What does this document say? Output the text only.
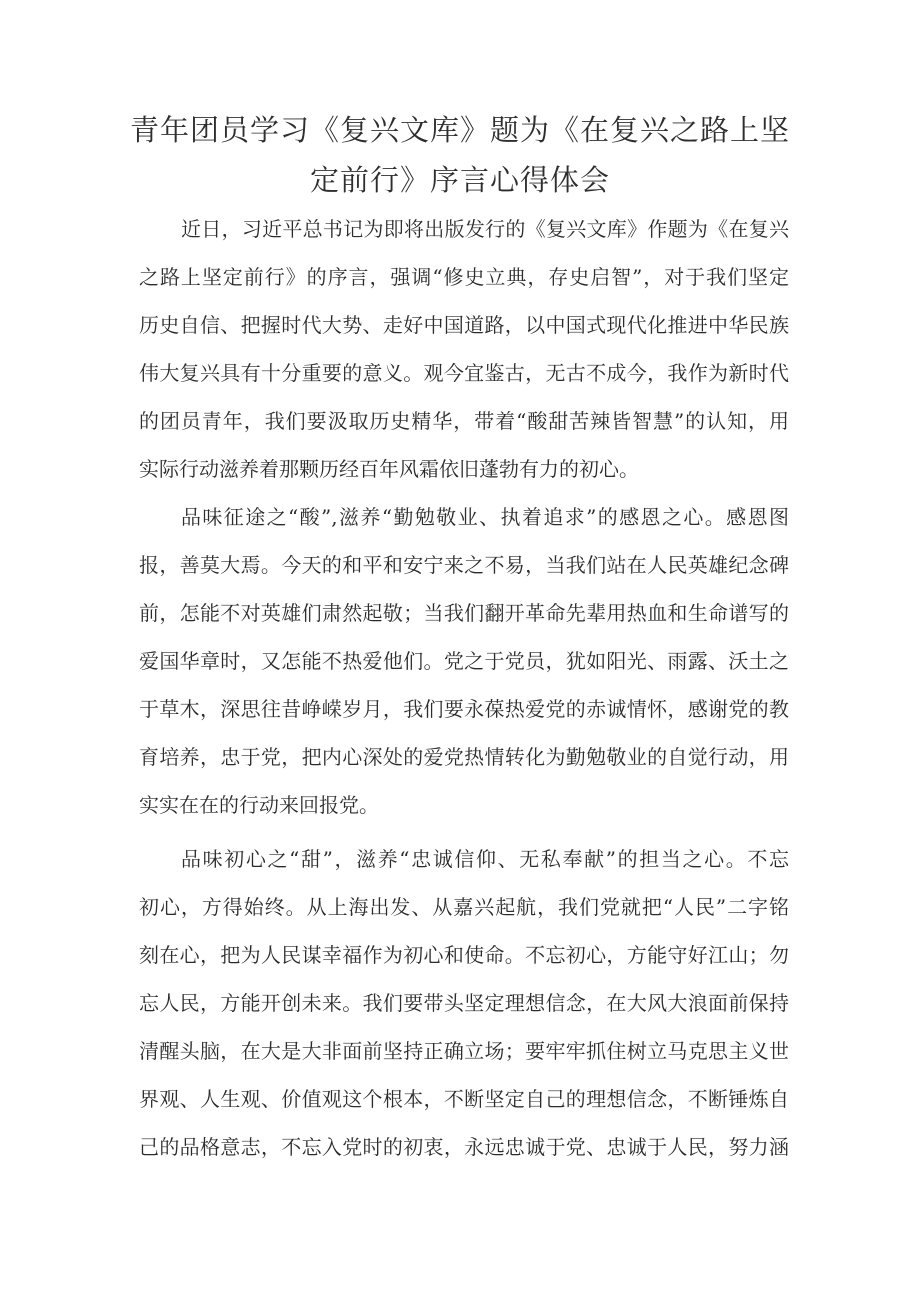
青年团员学习《复兴文库》题为《在复兴之路上坚
定前行》序言心得体会
近日，习近平总书记为即将出版发行的《复兴文库》作题为《在复兴
之路上坚定前行》的序言，强调“修史立典，存史启智”，对于我们坚定
历史自信、把握时代大势、走好中国道路，以中国式现代化推进中华民族
伟大复兴具有十分重要的意义。观今宜鉴古，无古不成今，我作为新时代
的团员青年，我们要汲取历史精华，带着“酸甜苦辣皆智慧”的认知，用
实际行动滋养着那颗历经百年风霜依旧蓬勃有力的初心。
品味征途之“酸”,滋养“勤勉敬业、执着追求”的感恩之心。感恩图
报，善莫大焉。今天的和平和安宁来之不易，当我们站在人民英雄纪念碑
前，怎能不对英雄们肃然起敬；当我们翻开革命先辈用热血和生命谱写的
爱国华章时，又怎能不热爱他们。党之于党员，犹如阳光、雨露、沃土之
于草木，深思往昔峥嵘岁月，我们要永葆热爱党的赤诚情怀，感谢党的教
育培养，忠于党，把内心深处的爱党热情转化为勤勉敬业的自觉行动，用
实实在在的行动来回报党。
品味初心之“甜”，滋养“忠诚信仰、无私奉献”的担当之心。不忘
初心，方得始终。从上海出发、从嘉兴起航，我们党就把“人民”二字铭
刻在心，把为人民谋幸福作为初心和使命。不忘初心，方能守好江山；勿
忘人民，方能开创未来。我们要带头坚定理想信念，在大风大浪面前保持
清醒头脑，在大是大非面前坚持正确立场；要牢牢抓住树立马克思主义世
界观、人生观、价值观这个根本，不断坚定自己的理想信念，不断锤炼自
己的品格意志，不忘入党时的初衷，永远忠诚于党、忠诚于人民，努力涵
